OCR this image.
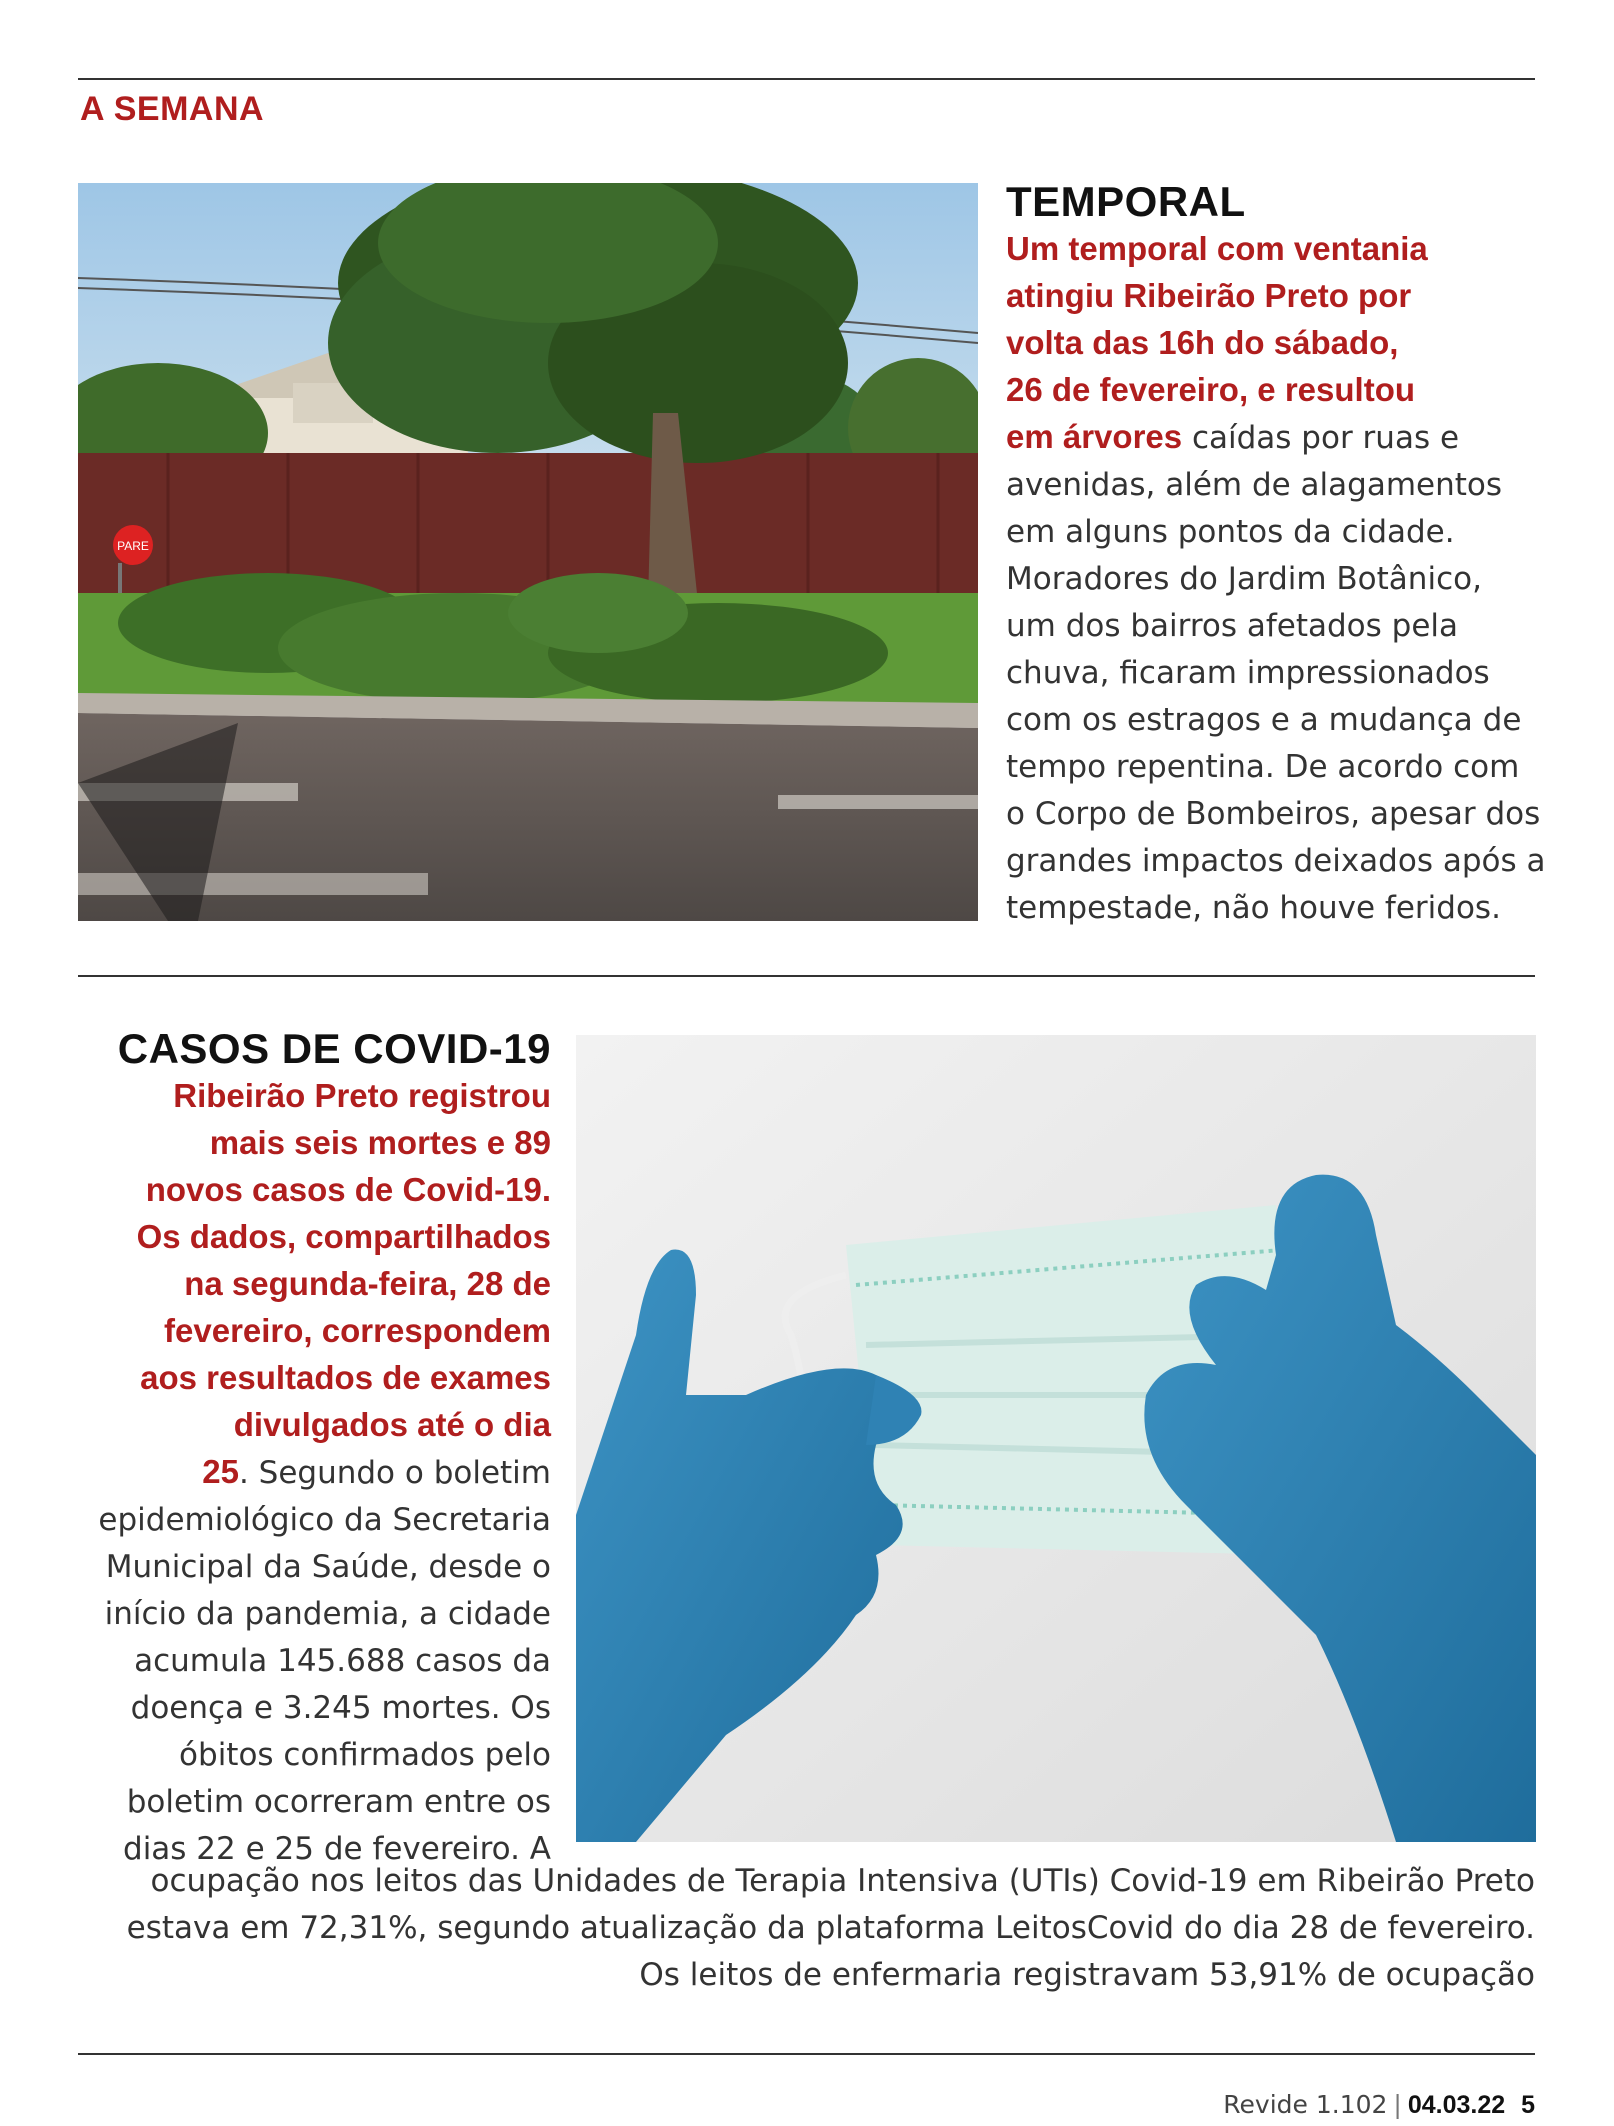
A SEMANA

PARE
TEMPORAL
Um temporal com ventania
atingiu Ribeirão Preto por
volta das 16h do sábado,
26 de fevereiro, e resultou
em árvores caídas por ruas e
avenidas, além de alagamentos
em alguns pontos da cidade.
Moradores do Jardim Botânico,
um dos bairros afetados pela
chuva, ficaram impressionados
com os estragos e a mudança de
tempo repentina. De acordo com
o Corpo de Bombeiros, apesar dos
grandes impactos deixados após a
tempestade, não houve feridos.
CASOS DE COVID-19
Ribeirão Preto registrou
mais seis mortes e 89
novos casos de Covid-19.
Os dados, compartilhados
na segunda-feira, 28 de
fevereiro, correspondem
aos resultados de exames
divulgados até o dia
25. Segundo o boletim
epidemiológico da Secretaria
Municipal da Saúde, desde o
início da pandemia, a cidade
acumula 145.688 casos da
doença e 3.245 mortes. Os
óbitos confirmados pelo
boletim ocorreram entre os
dias 22 e 25 de fevereiro. A
ocupação nos leitos das Unidades de Terapia Intensiva (UTIs) Covid-19 em Ribeirão Preto
estava em 72,31%, segundo atualização da plataforma LeitosCovid do dia 28 de fevereiro.
Os leitos de enfermaria registravam 53,91% de ocupação

Revide 1.102 | 04.03.22 5
